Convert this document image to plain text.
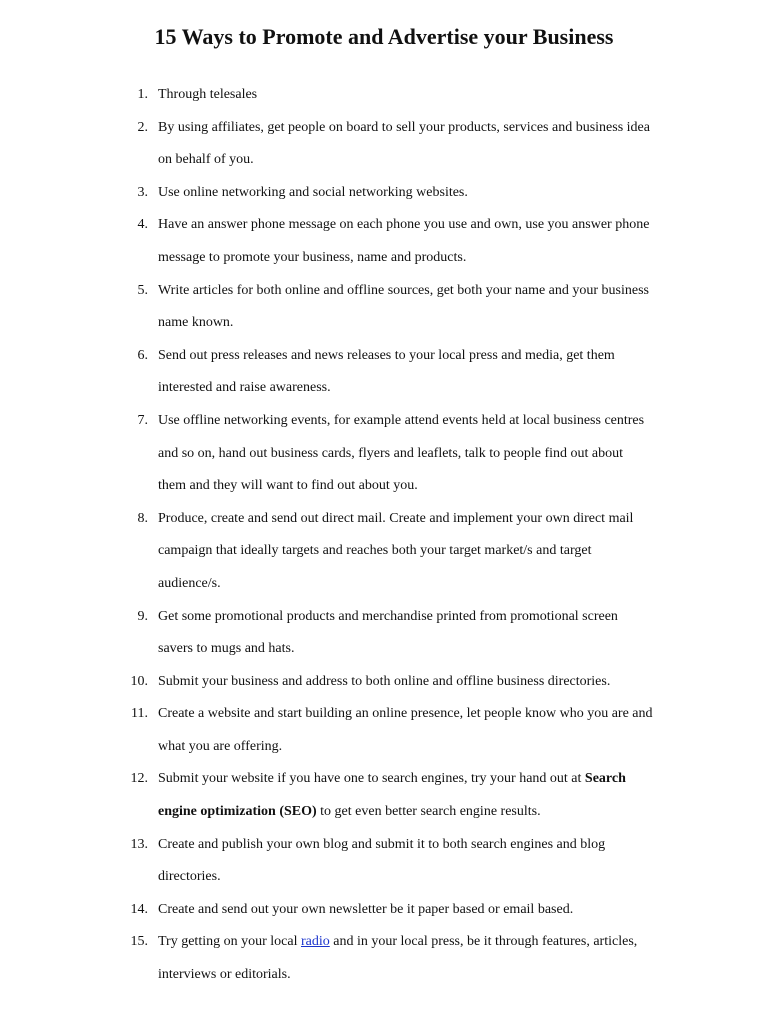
15 Ways to Promote and Advertise your Business
1. Through telesales
2. By using affiliates, get people on board to sell your products, services and business idea on behalf of you.
3. Use online networking and social networking websites.
4. Have an answer phone message on each phone you use and own, use you answer phone message to promote your business, name and products.
5. Write articles for both online and offline sources, get both your name and your business name known.
6. Send out press releases and news releases to your local press and media, get them interested and raise awareness.
7. Use offline networking events, for example attend events held at local business centres and so on, hand out business cards, flyers and leaflets, talk to people find out about them and they will want to find out about you.
8. Produce, create and send out direct mail. Create and implement your own direct mail campaign that ideally targets and reaches both your target market/s and target audience/s.
9. Get some promotional products and merchandise printed from promotional screen savers to mugs and hats.
10. Submit your business and address to both online and offline business directories.
11. Create a website and start building an online presence, let people know who you are and what you are offering.
12. Submit your website if you have one to search engines, try your hand out at Search engine optimization (SEO) to get even better search engine results.
13. Create and publish your own blog and submit it to both search engines and blog directories.
14. Create and send out your own newsletter be it paper based or email based.
15. Try getting on your local radio and in your local press, be it through features, articles, interviews or editorials.
